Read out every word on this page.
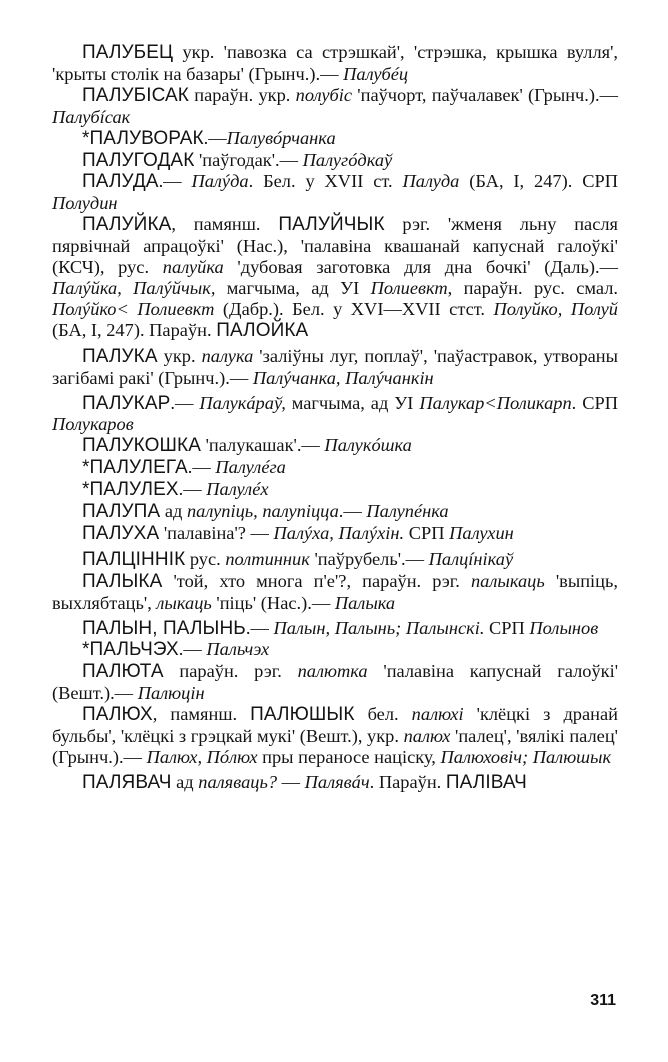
ПАЛУБЕЦ укр. 'павозка са стрэшкай', 'стрэшка, крышка вулля', 'крыты столік на базары' (Грынч.).— Палубéц

ПАЛУБІСАК параўн. укр. полубіс 'паўчорт, паўчалавек' (Грынч.).— Палубíсак

*ПАЛУВОРАК.—Палувóрчанка

ПАЛУГОДАК 'паўгодак'.— Палугóдкаў

ПАЛУДА.— Палýда. Бел. у XVII ст. Палуда (БА, I, 247). СРП Полудин

ПАЛУЙКА, памянш. ПАЛУЙЧЫК рэг. 'жменя льну пасля пярвічнай апрацоўкі' (Нас.), 'палавіна квашанай капуснай галоўкі' (КСЧ), рус. палуйка 'дубовая заготовка для дна бочкі' (Даль).— Палýйка, Палýйчык, магчыма, ад УІ Полиевкт, параўн. рус. смал. Полýйко< Полиевкт (Дабр.). Бел. у XVI—XVII стст. Полуйко, Полуй (БА, I, 247). Параўн. ПАЛОЙКА

ПАЛУКА укр. палука 'заліўны луг, поплаў', 'паўастравок, утвораны загібамі ракі' (Грынч.).— Палýчанка, Палýчанкін

ПАЛУКАР.— Палукáраў, магчыма, ад УІ Палукар<Поликарп. СРП Полукаров

ПАЛУКОШКА 'палукашак'.— Палукóшка

*ПАЛУЛЕГА.— Палулéга

*ПАЛУЛЕХ.— Палулéх

ПАЛУПА ад палупіць, палупіцца.— Палупéнка

ПАЛУХА 'палавіна'? — Палýха, Палýхін. СРП Палухин

ПАЛЦІННІК рус. полтинник 'паўрубель'.— Палцíнікаў

ПАЛЫКА 'той, хто многа п'е'?, параўн. рэг. палыкаць 'выпіць, выхлябтаць', лыкаць 'піць' (Нас.).— Палыка

ПАЛЫН, ПАЛЫНЬ.— Палын, Палынь; Палынскі. СРП Полынов

*ПАЛЬЧЭХ.— Пальчэх

ПАЛЮТА параўн. рэг. палютка 'палавіна капуснай галоўкі' (Вешт.).— Палюцін

ПАЛЮХ, памянш. ПАЛЮШЫК бел. палюхі 'клёцкі з дранай бульбы', 'клёцкі з грэцкай мукі' (Вешт.), укр. палюх 'палец', 'вялікі палец' (Грынч.).— Палюх, Пóлюх пры пераносе націску, Палюховіч; Палюшык

ПАЛЯВАЧ ад паляваць? — Палявáч. Параўн. ПАЛІВАЧ

311
